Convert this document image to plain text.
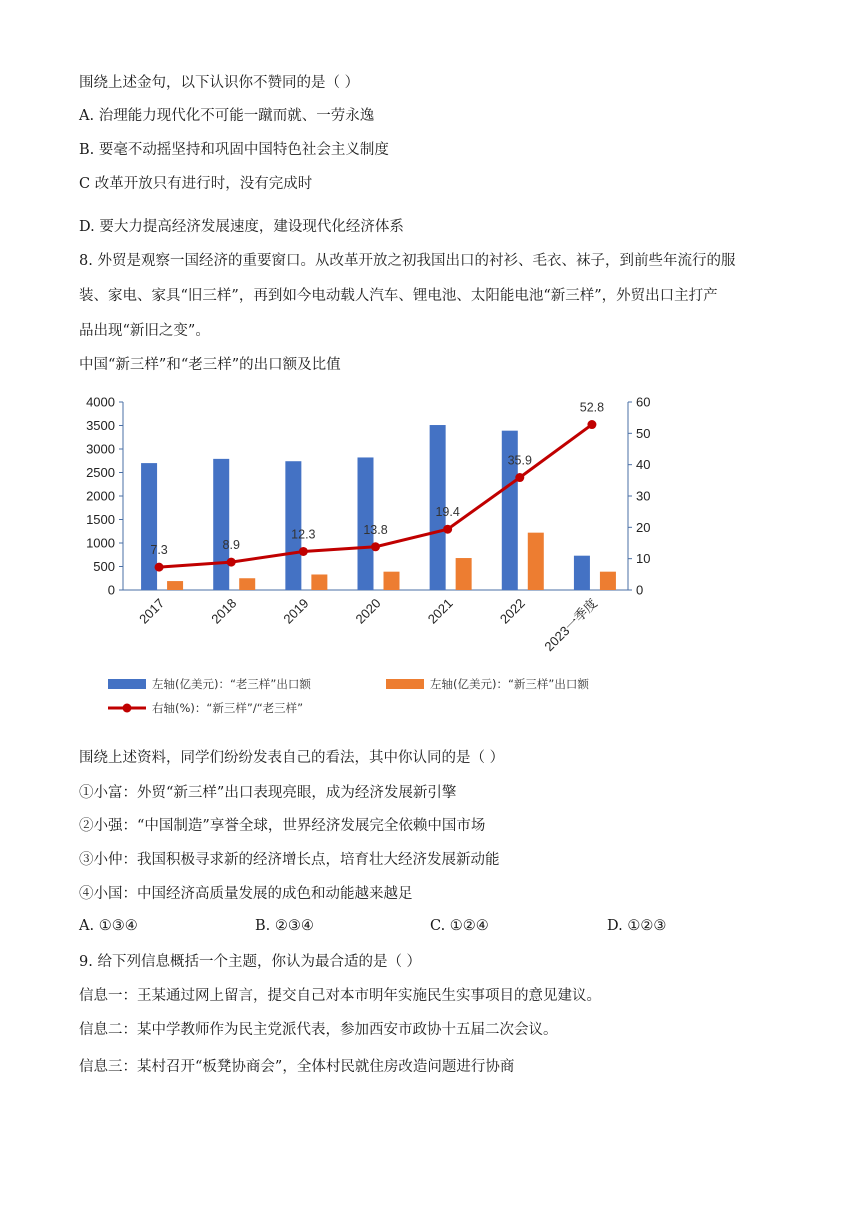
围绕上述金句，以下认识你不赞同的是（ ）
A. 治理能力现代化不可能一蹴而就、一劳永逸
B. 要毫不动摇坚持和巩固中国特色社会主义制度
C 改革开放只有进行时，没有完成时
D. 要大力提高经济发展速度，建设现代化经济体系
8. 外贸是观察一国经济的重要窗口。从改革开放之初我国出口的衬衫、毛衣、袜子，到前些年流行的服
装、家电、家具“旧三样”，再到如今电动载人汽车、锂电池、太阳能电池“新三样”，外贸出口主打产
品出现“新旧之变”。
中国“新三样”和“老三样”的出口额及比值
0
500
1000
1500
2000
2500
3000
3500
4000
0
10
20
30
40
50
60
2017	2018	2019	2020	2021	2022 2023一季度
7.3	8.9
12.3	13.8
19.4
35.9
52.8
左轴(亿美元)：“老三样”出口额	左轴(亿美元)：“新三样”出口额
右轴(%)：“新三样”/“老三样”
围绕上述资料，同学们纷纷发表自己的看法，其中你认同的是（ ）
①小富：外贸“新三样”出口表现亮眼，成为经济发展新引擎
②小强：“中国制造”享誉全球，世界经济发展完全依赖中国市场
③小仲：我国积极寻求新的经济增长点，培育壮大经济发展新动能
④小国：中国经济高质量发展的成色和动能越来越足
A. ①③④	B. ②③④	C. ①②④	D. ①②③
9. 给下列信息概括一个主题，你认为最合适的是（ ）
信息一：王某通过网上留言，提交自己对本市明年实施民生实事项目的意见建议。
信息二：某中学教师作为民主党派代表，参加西安市政协十五届二次会议。
信息三：某村召开“板凳协商会”，全体村民就住房改造问题进行协商
